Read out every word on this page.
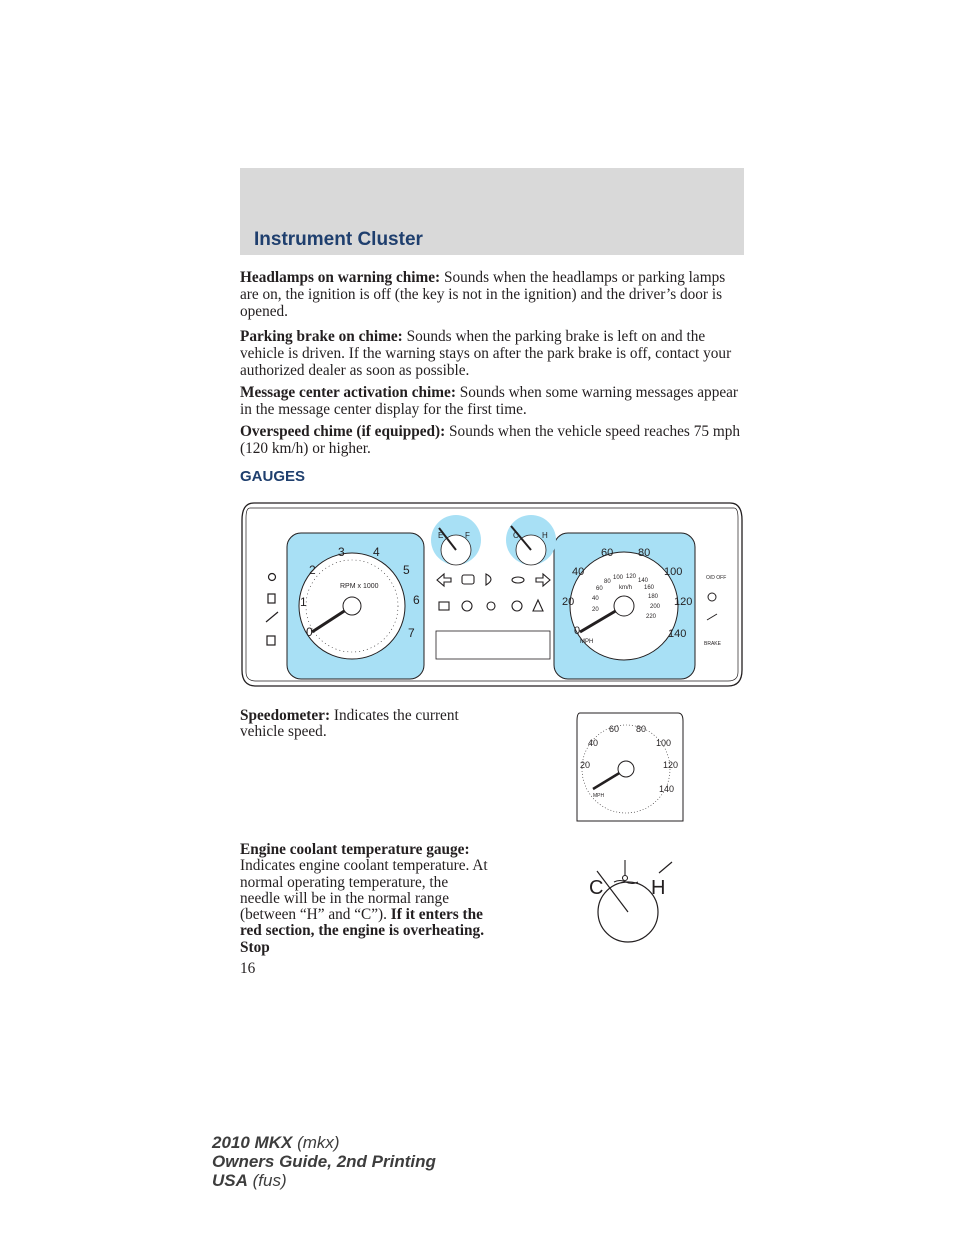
Instrument Cluster

Headlamps on warning chime: Sounds when the headlamps or parking lamps are on, the ignition is off (the key is not in the ignition) and the driver’s door is opened.

Parking brake on chime: Sounds when the parking brake is left on and the vehicle is driven. If the warning stays on after the park brake is off, contact your authorized dealer as soon as possible.

Message center activation chime: Sounds when some warning messages appear in the message center display for the first time.

Overspeed chime (if equipped): Sounds when the vehicle speed reaches 75 mph (120 km/h) or higher.

GAUGES
E	F	C	H
0
1
2
3 4
5
6
7
RPM x 1000
0
20
40
60 80
100
120
140
20
40
60
80
100 120
140
160
180
200
220
km/h
MPH
O/D OFF
BRAKE

Speedometer: Indicates the current vehicle speed.

20
40
60 80
100
120
140
MPH

Engine coolant temperature gauge: Indicates engine coolant temperature. At normal operating temperature, the needle will be in the normal range (between “H” and “C”). If it enters the red section, the engine is overheating. Stop

C H
16
2010 MKX (mkx)
Owners Guide, 2nd Printing
USA (fus)
